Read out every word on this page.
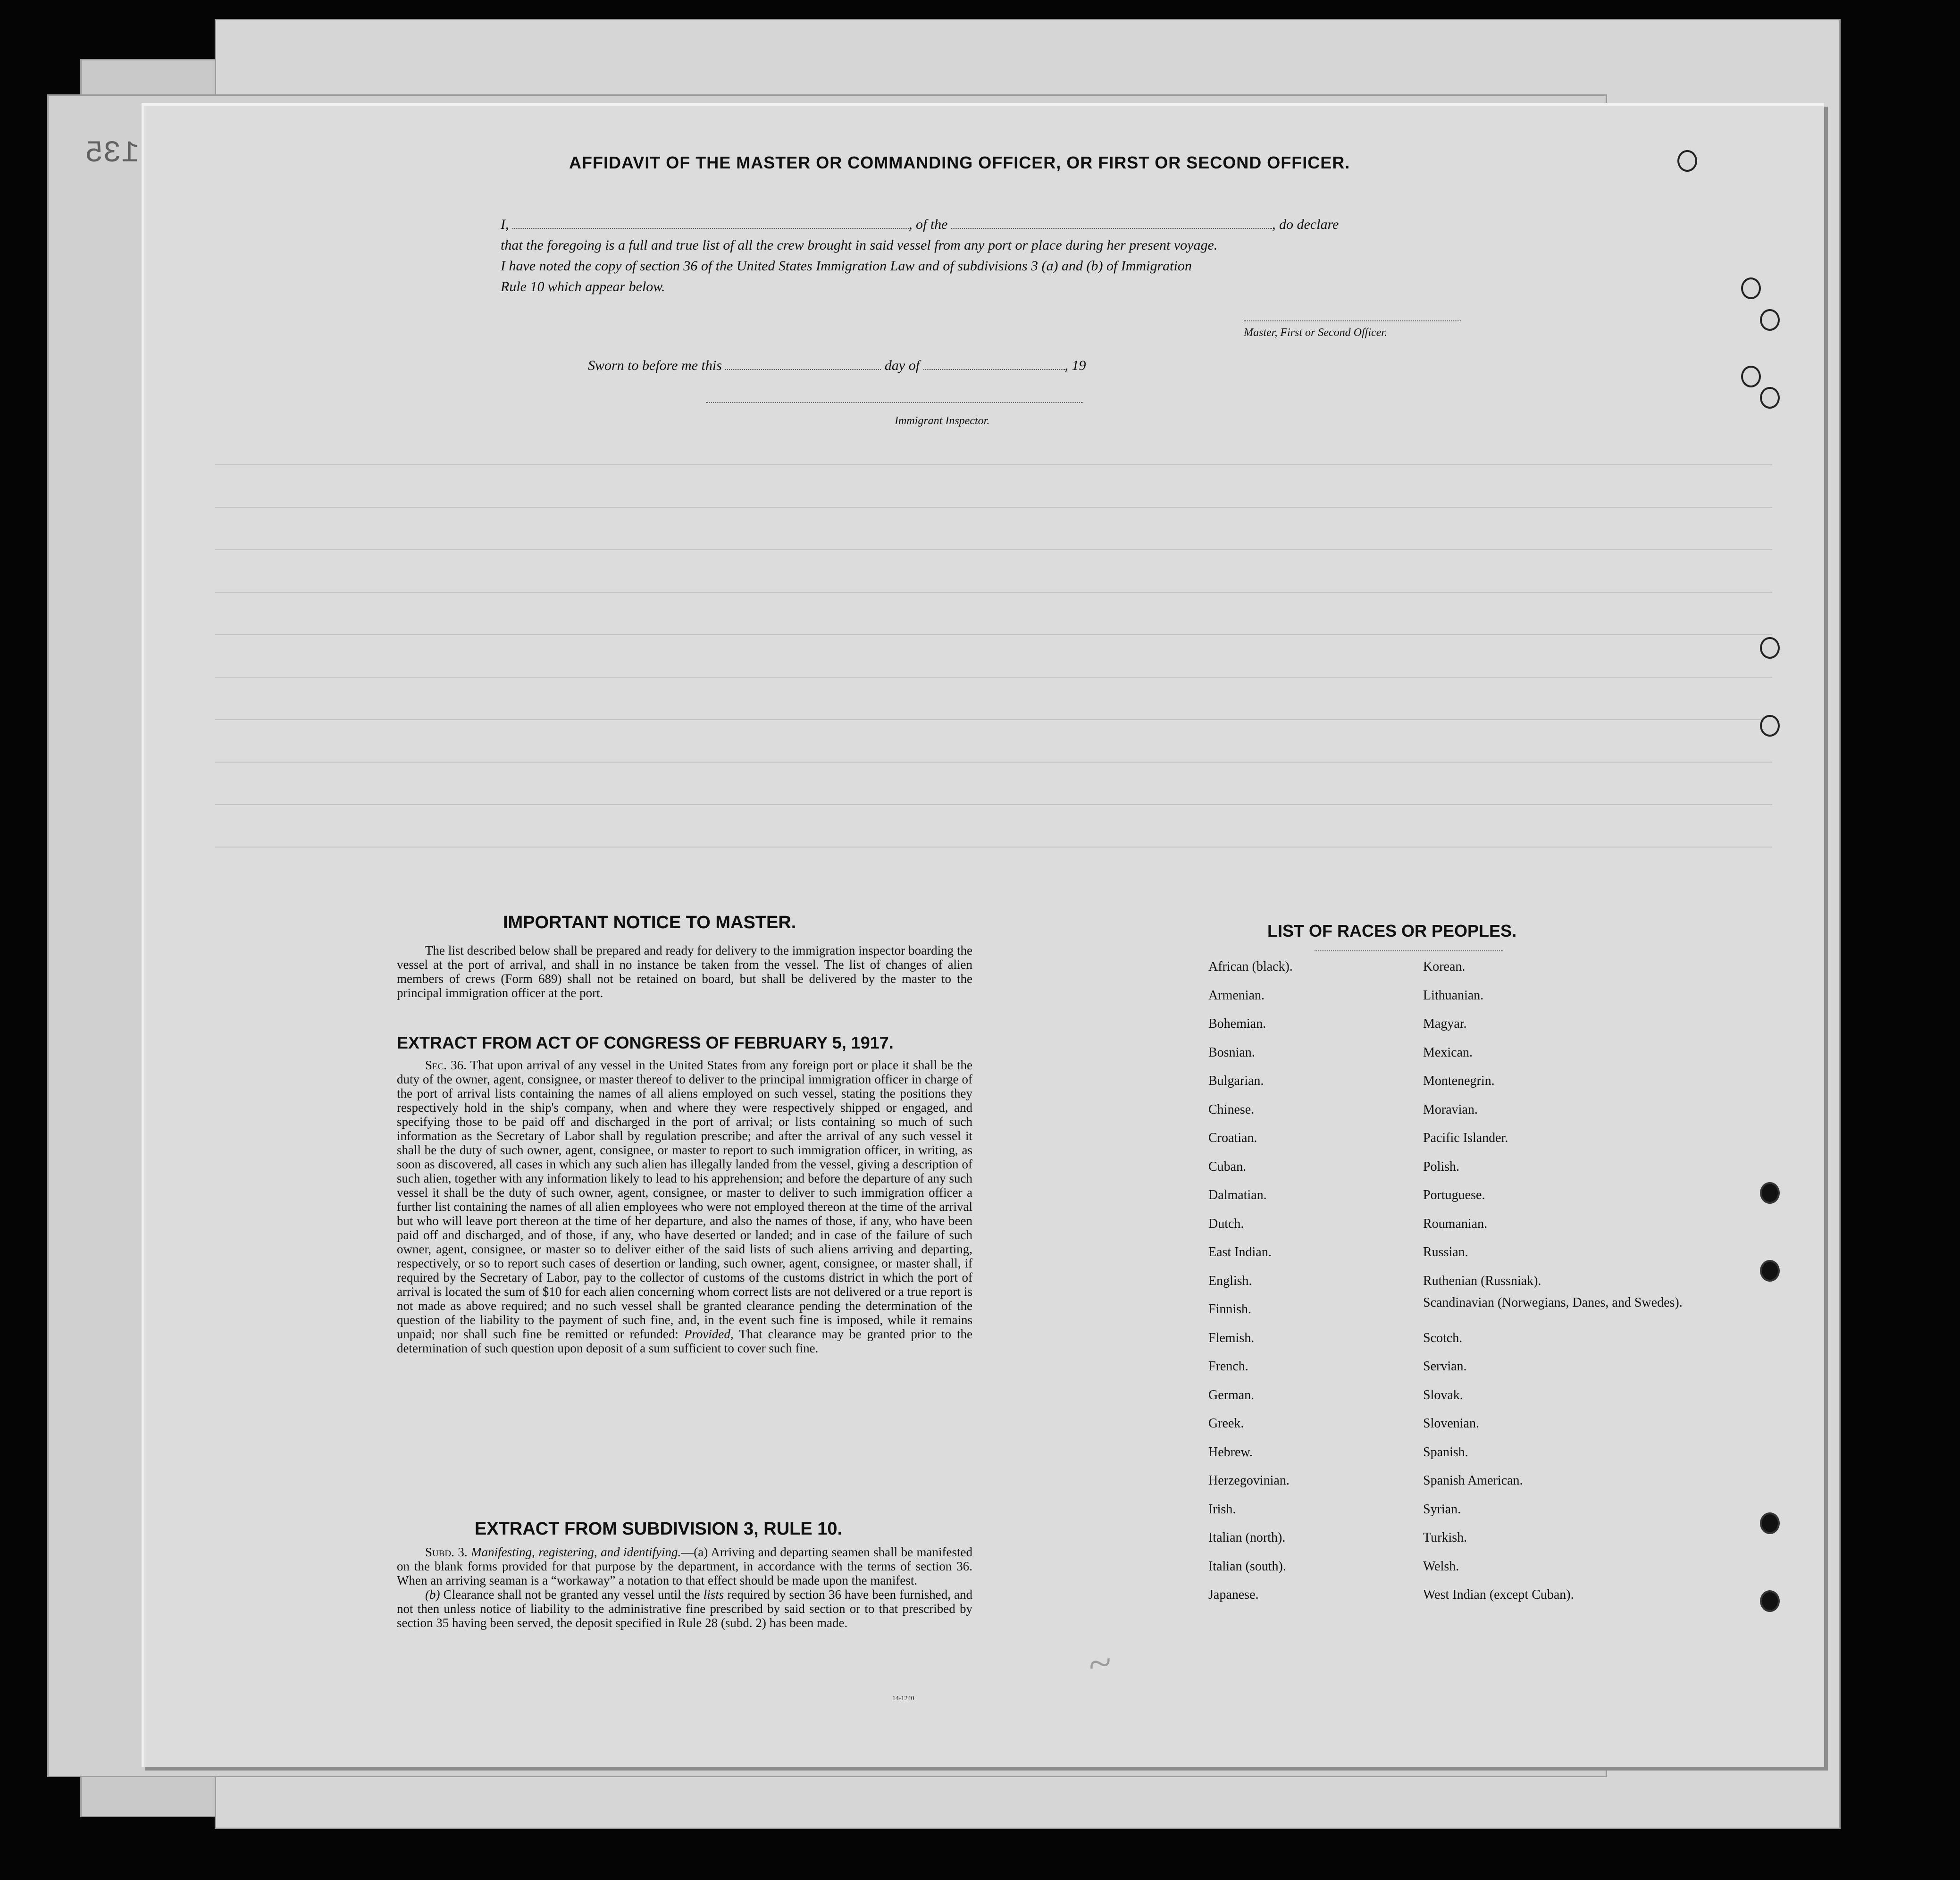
AFFIDAVIT OF THE MASTER OR COMMANDING OFFICER, OR FIRST OR SECOND OFFICER.
I,	, of the	, do declare
that the foregoing is a full and true list of all the crew brought in said vessel from any port or place during her present voyage.
I have noted the copy of section 36 of the United States Immigration Law and of subdivisions 3 (a) and (b) of Immigration
Rule 10 which appear below.
Master, First or Second Officer.
Sworn to before me this	day of	, 19
Immigrant Inspector.
IMPORTANT NOTICE TO MASTER.
The list described below shall be prepared and ready for delivery to the immigration inspector boarding the vessel at the port of arrival, and shall in no instance be taken from the vessel. The list of changes of alien members of crews (Form 689) shall not be retained on board, but shall be delivered by the master to the principal immigration officer at the port.
EXTRACT FROM ACT OF CONGRESS OF FEBRUARY 5, 1917.
Sec. 36. That upon arrival of any vessel in the United States from any foreign port or place it shall be the duty of the owner, agent, consignee, or master thereof to deliver to the principal immigration officer in charge of the port of arrival lists containing the names of all aliens employed on such vessel, stating the positions they respectively hold in the ship's company, when and where they were respectively shipped or engaged, and specifying those to be paid off and discharged in the port of arrival; or lists containing so much of such information as the Secretary of Labor shall by regulation prescribe; and after the arrival of any such vessel it shall be the duty of such owner, agent, consignee, or master to report to such immigration officer, in writing, as soon as discovered, all cases in which any such alien has illegally landed from the vessel, giving a description of such alien, together with any information likely to lead to his apprehension; and before the departure of any such vessel it shall be the duty of such owner, agent, consignee, or master to deliver to such immigration officer a further list containing the names of all alien employees who were not employed thereon at the time of the arrival but who will leave port thereon at the time of her departure, and also the names of those, if any, who have been paid off and discharged, and of those, if any, who have deserted or landed; and in case of the failure of such owner, agent, consignee, or master so to deliver either of the said lists of such aliens arriving and departing, respectively, or so to report such cases of desertion or landing, such owner, agent, consignee, or master shall, if required by the Secretary of Labor, pay to the collector of customs of the customs district in which the port of arrival is located the sum of $10 for each alien concerning whom correct lists are not delivered or a true report is not made as above required; and no such vessel shall be granted clearance pending the determination of the question of the liability to the payment of such fine, and, in the event such fine is imposed, while it remains unpaid; nor shall such fine be remitted or refunded: Provided, That clearance may be granted prior to the determination of such question upon deposit of a sum sufficient to cover such fine.
EXTRACT FROM SUBDIVISION 3, RULE 10.

Subd. 3. Manifesting, registering, and identifying.—(a) Arriving and departing seamen shall be manifested on the blank forms provided for that purpose by the department, in accordance with the terms of section 36. When an arriving seaman is a “workaway” a notation to that effect should be made upon the manifest.

(b) Clearance shall not be granted any vessel until the lists required by section 36 have been furnished, and not then unless notice of liability to the administrative fine prescribed by said section or to that prescribed by section 35 having been served, the deposit specified in Rule 28 (subd. 2) has been made.

14-1240
LIST OF RACES OR PEOPLES.
African (black).
Armenian.
Bohemian.
Bosnian.
Bulgarian.
Chinese.
Croatian.
Cuban.
Dalmatian.
Dutch.
East Indian.
English.
Finnish.
Flemish.
French.
German.
Greek.
Hebrew.
Herzegovinian.
Irish.
Italian (north).
Italian (south).
Japanese.
Korean.
Lithuanian.
Magyar.
Mexican.
Montenegrin.
Moravian.
Pacific Islander.
Polish.
Portuguese.
Roumanian.
Russian.
Ruthenian (Russniak).
Scandinavian (Norwegians, Danes, and Swedes).
Scotch.
Servian.
Slovak.
Slovenian.
Spanish.
Spanish American.
Syrian.
Turkish.
Welsh.
West Indian (except Cuban).
~
135
